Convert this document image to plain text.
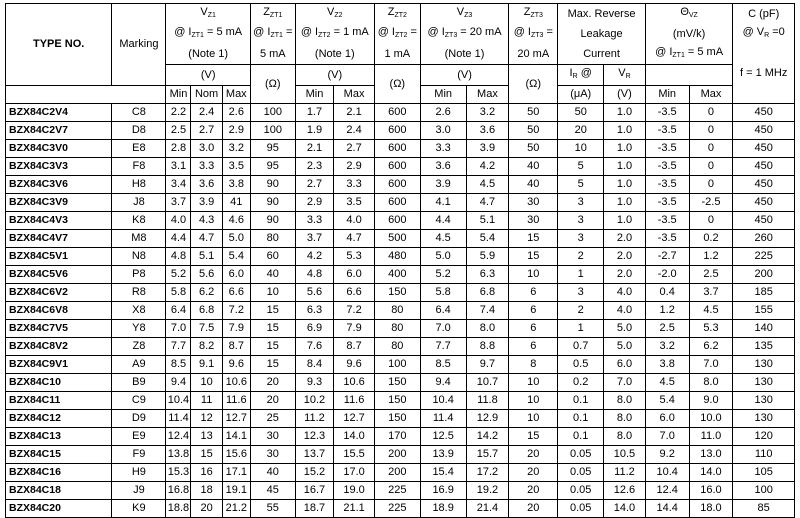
TYPE NO.	Marking	$V_{Z1}$			$Z_{ZT1}$	$V_{Z2}$		$Z_{ZT2}$	$V_{Z3}$		$Z_{ZT3}$	Max. Reverse		$\Theta_{VZ}$		C (pF)
		@ $I_{ZT1} = 5$ mA			@ $I_{ZT1}$ =	@ $I_{ZT2} = 1$ mA		@ $I_{ZT2}$ =	@ $I_{ZT3} = 20$ mA		@ $I_{ZT3}$ =	Leakage		(mV/k)		@ $V_R =0$
		(Note 1)			5 mA	(Note 1)		1 mA	(Note 1)		20 mA	Current		@ $I_{ZT1} = 5$ mA		f = 1 MHz
		(V)			(Ω)	(V)		(Ω)	(V)		(Ω)	$I_R$ @	$V_R$	
		Min	Nom	Max		Min	Max		Min	Max		(μA)	(V)	Min	Max	
BZX84C2V4	C8	2.2	2.4	2.6	100	1.7	2.1	600	2.6	3.2	50	50	1.0	-3.5	0	450
BZX84C2V7	D8	2.5	2.7	2.9	100	1.9	2.4	600	3.0	3.6	50	20	1.0	-3.5	0	450
BZX84C3V0	E8	2.8	3.0	3.2	95	2.1	2.7	600	3.3	3.9	50	10	1.0	-3.5	0	450
BZX84C3V3	F8	3.1	3.3	3.5	95	2.3	2.9	600	3.6	4.2	40	5	1.0	-3.5	0	450
BZX84C3V6	H8	3.4	3.6	3.8	90	2.7	3.3	600	3.9	4.5	40	5	1.0	-3.5	0	450
BZX84C3V9	J8	3.7	3.9	41	90	2.9	3.5	600	4.1	4.7	30	3	1.0	-3.5	-2.5	450
BZX84C4V3	K8	4.0	4.3	4.6	90	3.3	4.0	600	4.4	5.1	30	3	1.0	-3.5	0	450
BZX84C4V7	M8	4.4	4.7	5.0	80	3.7	4.7	500	4.5	5.4	15	3	2.0	-3.5	0.2	260
BZX84C5V1	N8	4.8	5.1	5.4	60	4.2	5.3	480	5.0	5.9	15	2	2.0	-2.7	1.2	225
BZX84C5V6	P8	5.2	5.6	6.0	40	4.8	6.0	400	5.2	6.3	10	1	2.0	-2.0	2.5	200
BZX84C6V2	R8	5.8	6.2	6.6	10	5.6	6.6	150	5.8	6.8	6	3	4.0	0.4	3.7	185
BZX84C6V8	X8	6.4	6.8	7.2	15	6.3	7.2	80	6.4	7.4	6	2	4.0	1.2	4.5	155
BZX84C7V5	Y8	7.0	7.5	7.9	15	6.9	7.9	80	7.0	8.0	6	1	5.0	2.5	5.3	140
BZX84C8V2	Z8	7.7	8.2	8.7	15	7.6	8.7	80	7.7	8.8	6	0.7	5.0	3.2	6.2	135
BZX84C9V1	A9	8.5	9.1	9.6	15	8.4	9.6	100	8.5	9.7	8	0.5	6.0	3.8	7.0	130
BZX84C10	B9	9.4	10	10.6	20	9.3	10.6	150	9.4	10.7	10	0.2	7.0	4.5	8.0	130
BZX84C11	C9	10.4	11	11.6	20	10.2	11.6	150	10.4	11.8	10	0.1	8.0	5.4	9.0	130
BZX84C12	D9	11.4	12	12.7	25	11.2	12.7	150	11.4	12.9	10	0.1	8.0	6.0	10.0	130
BZX84C13	E9	12.4	13	14.1	30	12.3	14.0	170	12.5	14.2	15	0.1	8.0	7.0	11.0	120
BZX84C15	F9	13.8	15	15.6	30	13.7	15.5	200	13.9	15.7	20	0.05	10.5	9.2	13.0	110
BZX84C16	H9	15.3	16	17.1	40	15.2	17.0	200	15.4	17.2	20	0.05	11.2	10.4	14.0	105
BZX84C18	J9	16.8	18	19.1	45	16.7	19.0	225	16.9	19.2	20	0.05	12.6	12.4	16.0	100
BZX84C20	K9	18.8	20	21.2	55	18.7	21.1	225	18.9	21.4	20	0.05	14.0	14.4	18.0	85
